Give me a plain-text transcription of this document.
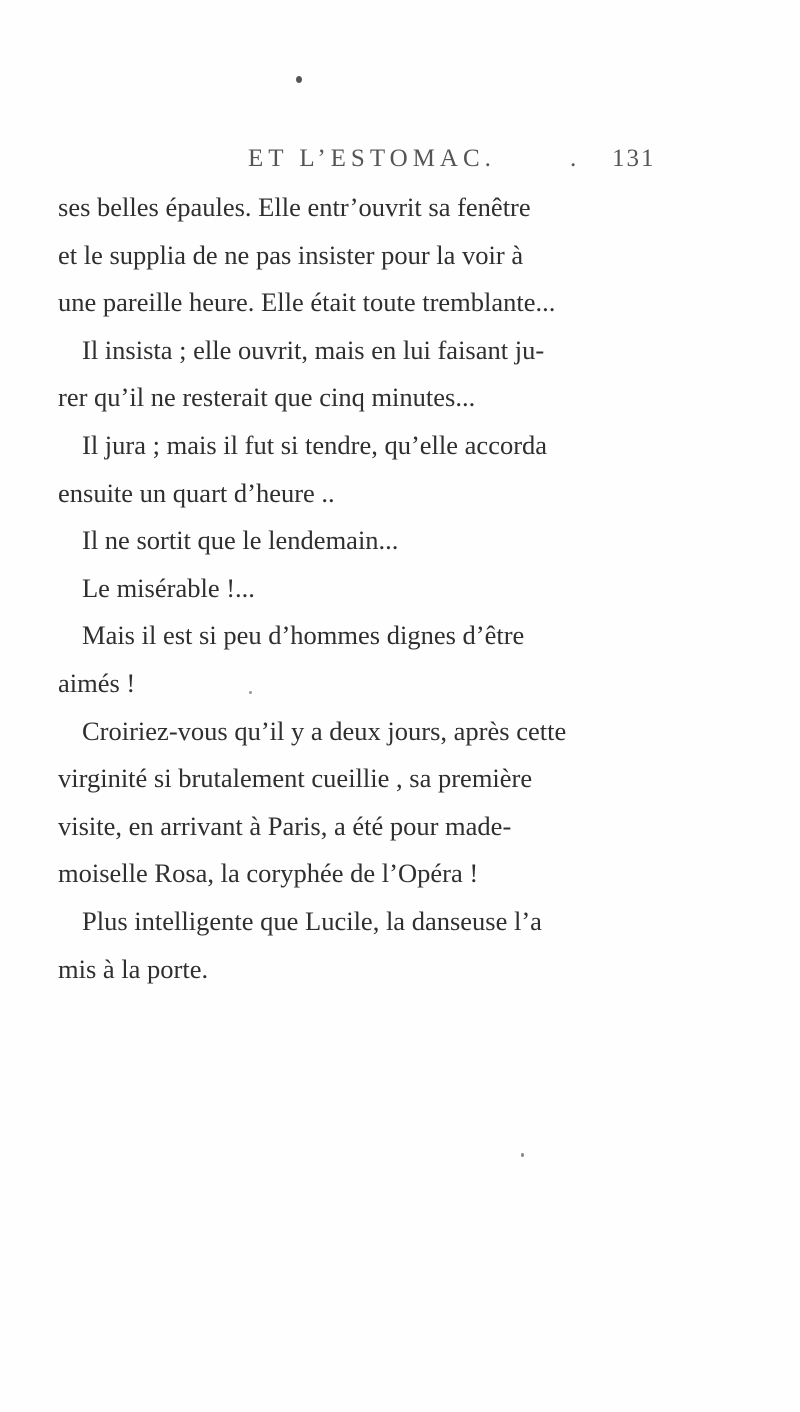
ET L’ESTOMAC.	. 131
ses belles épaules. Elle entr’ouvrit sa fenêtre
et le supplia de ne pas insister pour la voir à
une pareille heure. Elle était toute tremblante...
Il insista ; elle ouvrit, mais en lui faisant ju-
rer qu’il ne resterait que cinq minutes...
Il jura ; mais il fut si tendre, qu’elle accorda
ensuite un quart d’heure ..
Il ne sortit que le lendemain...
Le misérable !...
Mais il est si peu d’hommes dignes d’être
aimés !
Croiriez-vous qu’il y a deux jours, après cette
virginité si brutalement cueillie , sa première
visite, en arrivant à Paris, a été pour made-
moiselle Rosa, la coryphée de l’Opéra !
Plus intelligente que Lucile, la danseuse l’a
mis à la porte.
